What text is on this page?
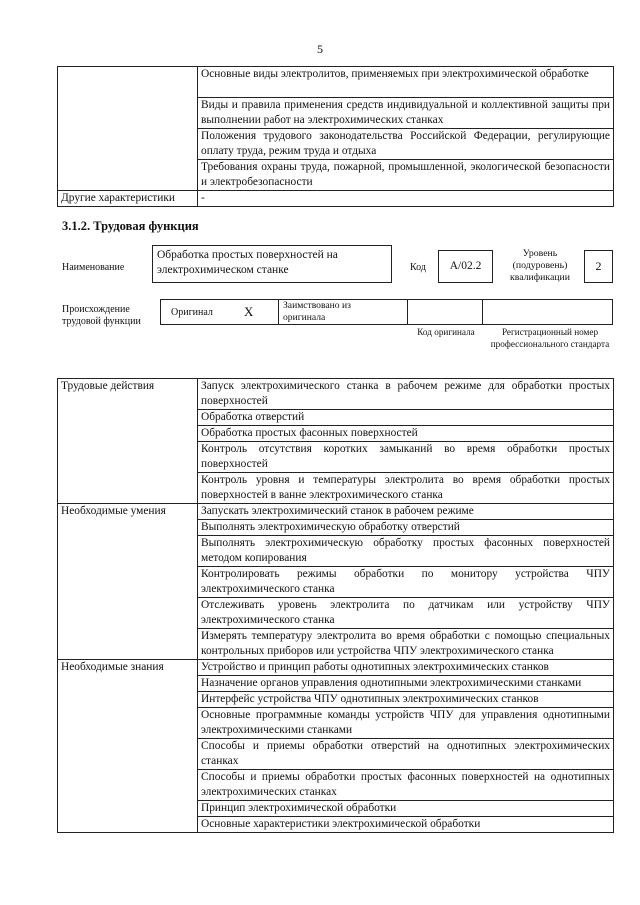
5
	Основные виды электролитов, применяемых при электрохимической обработке
	Виды и правила применения средств индивидуальной и коллективной защиты при выполнении работ на электрохимических станках
	Положения трудового законодательства Российской Федерации, регулирующие оплату труда, режим труда и отдыха
	Требования охраны труда, пожарной, промышленной, экологической безопасности и электробезопасности
Другие характеристики	-
3.1.2. Трудовая функция
Наименование
Обработка простых поверхностей на электрохимическом станке	Код	А/02.2
Уровень (подуровень) квалификации
2
Происхождение трудовой функции
Оригинал X	Заимствовано из оригинала
Код оригинала	Регистрационный номер профессионального стандарта
Трудовые действия	Запуск электрохимического станка в рабочем режиме для обработки простых поверхностей
	Обработка отверстий
	Обработка простых фасонных поверхностей
	Контроль отсутствия коротких замыканий во время обработки простых поверхностей
	Контроль уровня и температуры электролита во время обработки простых поверхностей в ванне электрохимического станка
Необходимые умения	Запускать электрохимический станок в рабочем режиме
	Выполнять электрохимическую обработку отверстий
	Выполнять электрохимическую обработку простых фасонных поверхностей методом копирования
	Контролировать режимы обработки по монитору устройства ЧПУ электрохимического станка
	Отслеживать уровень электролита по датчикам или устройству ЧПУ электрохимического станка
	Измерять температуру электролита во время обработки с помощью специальных контрольных приборов или устройства ЧПУ электрохимического станка
Необходимые знания	Устройство и принцип работы однотипных электрохимических станков
	Назначение органов управления однотипными электрохимическими станками
	Интерфейс устройства ЧПУ однотипных электрохимических станков
	Основные программные команды устройств ЧПУ для управления однотипными электрохимическими станками
	Способы и приемы обработки отверстий на однотипных электрохимических станках
	Способы и приемы обработки простых фасонных поверхностей на однотипных электрохимических станках
	Принцип электрохимической обработки
	Основные характеристики электрохимической обработки
